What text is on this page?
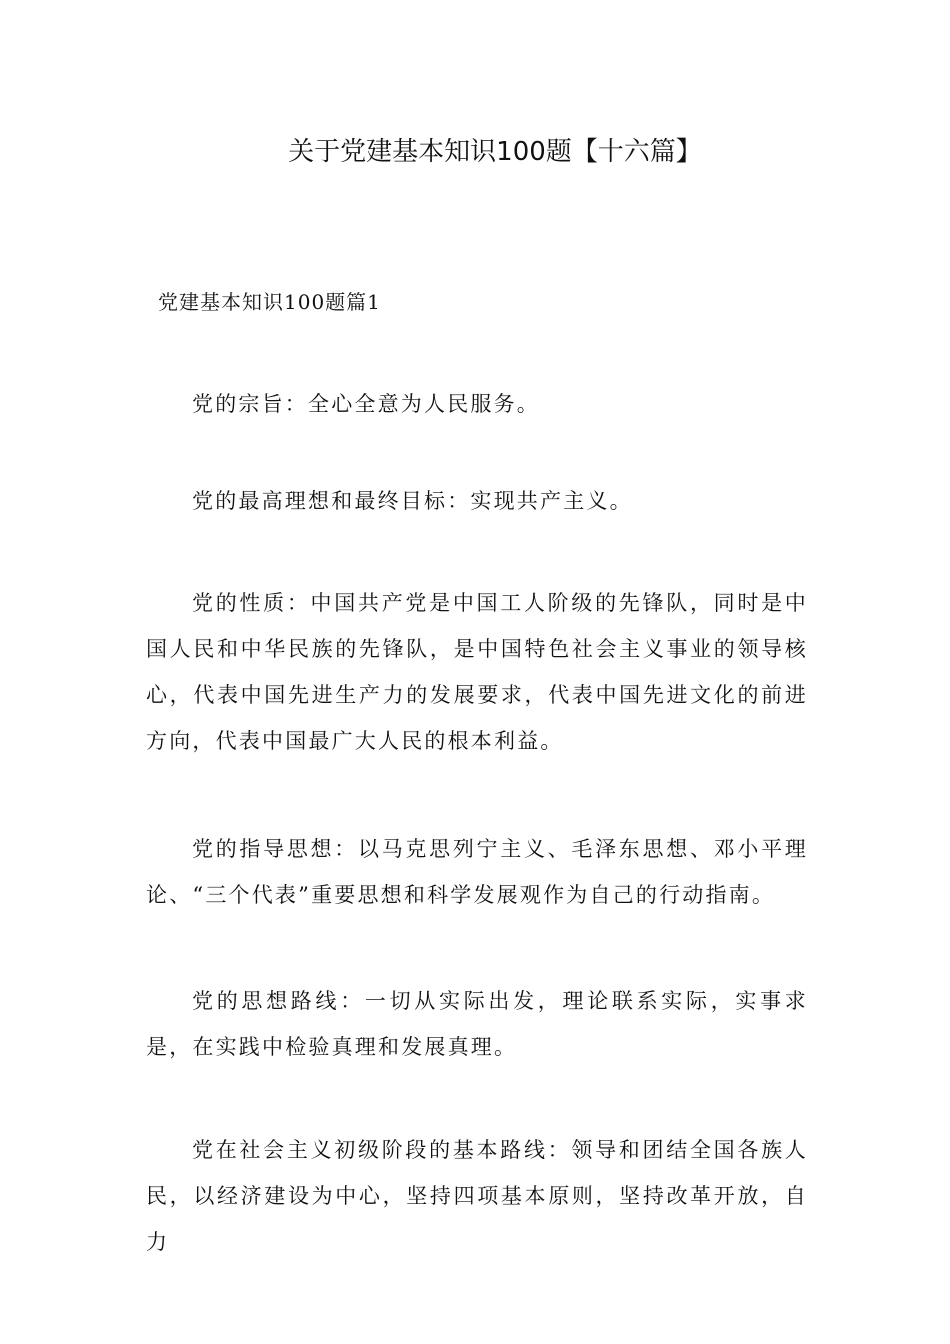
关于党建基本知识100题【十六篇】
党建基本知识100题篇1

党的宗旨：全心全意为人民服务。

党的最高理想和最终目标：实现共产主义。

党的性质：中国共产党是中国工人阶级的先锋队，同时是中国人民和中华民族的先锋队，是中国特色社会主义事业的领导核心，代表中国先进生产力的发展要求，代表中国先进文化的前进方向，代表中国最广大人民的根本利益。

党的指导思想：以马克思列宁主义、毛泽东思想、邓小平理论、“三个代表”重要思想和科学发展观作为自己的行动指南。

党的思想路线：一切从实际出发，理论联系实际，实事求是，在实践中检验真理和发展真理。

党在社会主义初级阶段的基本路线：领导和团结全国各族人民，以经济建设为中心，坚持四项基本原则，坚持改革开放，自力
